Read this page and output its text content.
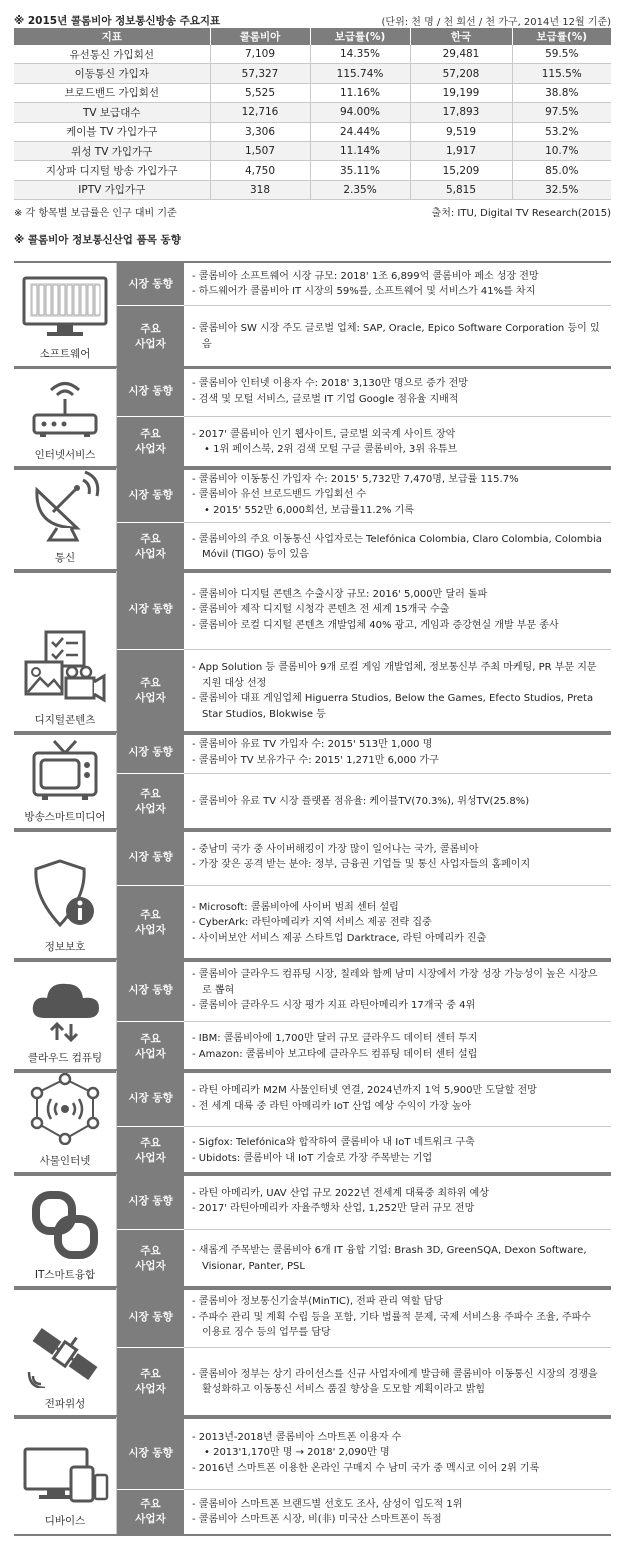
※ 2015년 콜롬비아 정보통신방송 주요지표	(단위: 천 명 / 천 회선 / 천 가구, 2014년 12월 기준)
지표	콜롬비아	보급률(%)	한국	보급률(%)
유선통신 가입회선	7,109	14.35%	29,481	59.5%
이동통신 가입자	57,327	115.74%	57,208	115.5%
브로드밴드 가입회선	5,525	11.16%	19,199	38.8%
TV 보급대수	12,716	94.00%	17,893	97.5%
케이블 TV 가입가구	3,306	24.44%	9,519	53.2%
위성 TV 가입가구	1,507	11.14%	1,917	10.7%
지상파 디지털 방송 가입가구	4,750	35.11%	15,209	85.0%
IPTV 가입가구	318	2.35%	5,815	32.5%
※ 각 항목별 보급률은 인구 대비 기준	출처: ITU, Digital TV Research(2015)
※ 콜롬비아 정보통신산업 품목 동향
소프트웨어
시장 동향
- 콜롬비아 소프트웨어 시장 규모: 2018' 1조 6,899억 콜롬비아 페소 성장 전망
- 하드웨어가 콜롬비아 IT 시장의 59%를, 소프트웨어 및 서비스가 41%를 차지
주요
사업자
- 콜롬비아 SW 시장 주도 글로벌 업체: SAP, Oracle, Epico Software Corporation 등이 있음
인터넷서비스
시장 동향
- 콜롬비아 인터넷 이용자 수: 2018' 3,130만 명으로 증가 전망
- 검색 및 모털 서비스, 글로벌 IT 기업 Google 점유율 지배적
주요
사업자
- 2017' 콜롬비아 인기 웹사이트, 글로벌 외국계 사이트 장악
• 1위 페이스북, 2위 검색 모털 구글 콜롬비아, 3위 유튜브
통신
시장 동향
- 콜롬비아 이동통신 가입자 수: 2015' 5,732만 7,470명, 보급률 115.7%
- 콜롬비아 유선 브로드밴드 가입회선 수
• 2015' 552만 6,000회선, 보급률11.2% 기록
주요
사업자
- 콜롬비아의 주요 이동통신 사업자로는 Telefónica Colombia, Claro Colombia, Colombia Móvil (TIGO) 등이 있음
디지털콘텐츠
시장 동향
- 콜롬비아 디지털 콘텐츠 수출시장 규모: 2016' 5,000만 달러 돌파
- 콜롬비아 제작 디지털 시청각 콘텐츠 전 세계 15개국 수출
- 콜롬비아 로컬 디지털 콘텐츠 개발업체 40% 광고, 게임과 증강현실 개발 부문 종사
주요
사업자
- App Solution 등 콜롬비아 9개 로컬 게임 개발업체, 정보통신부 주최 마케팅, PR 부문 지문 지원 대상 선정
- 콜롬비아 대표 게임업체 Higuerra Studios, Below the Games, Efecto Studios, Preta Star Studios, Blokwise 등
방송스마트미디어
시장 동향
- 콜롬비아 유료 TV 가입자 수: 2015' 513만 1,000 명
- 콜롬비아 TV 보유가구 수: 2015' 1,271만 6,000 가구
주요
사업자
- 콜롬비아 유료 TV 시장 플랫폼 점유율: 케이블TV(70.3%), 위성TV(25.8%)
정보보호
시장 동향
- 중남미 국가 중 사이버해킹이 가장 많이 일어나는 국가, 콜롬비아
- 가장 잦은 공격 받는 분야: 정부, 금융권 기업들 및 통신 사업자들의 홈페이지
주요
사업자
- Microsoft: 콜롬비아에 사이버 범죄 센터 설립
- CyberArk: 라틴아메리카 지역 서비스 제공 전략 집중
- 사이버보안 서비스 제공 스타트업 Darktrace, 라틴 아메리카 진출
클라우드 컴퓨팅
시장 동향
- 콜롬비아 클라우드 컴퓨팅 시장, 칠레와 함께 남미 시장에서 가장 성장 가능성이 높은 시장으로 뽑혀
- 콜롬비아 클라우드 시장 평가 지표 라틴아메리카 17개국 중 4위
주요
사업자
- IBM: 콜롬비아에 1,700만 달러 규모 클라우드 데이터 센터 투지
- Amazon: 콜롬비아 보고타에 클라우드 컴퓨팅 데이터 센터 설립
사물인터넷
시장 동향
- 라틴 아메리카 M2M 사물인터넷 연결, 2024년까지 1억 5,900만 도달할 전망
- 전 세계 대륙 중 라틴 아메리카 IoT 산업 예상 수익이 가장 높아
주요
사업자
- Sigfox: Telefónica와 합작하여 콜롬비아 내 IoT 네트워크 구축
- Ubidots: 콜롬비아 내 IoT 기술로 가장 주목받는 기업
IT스마트융합
시장 동향
- 라틴 아메리카, UAV 산업 규모 2022년 전세계 대륙중 최하위 예상
- 2017' 라틴아메리카 자율주행차 산업, 1,252만 달러 규모 전망
주요
사업자
- 새롭게 주목받는 콜롬비아 6개 IT 융합 기업: Brash 3D, GreenSQA, Dexon Software, Visionar, Panter, PSL
전파위성
시장 동향
- 콜롬비아 정보통신기술부(MinTIC), 전파 관리 역할 담당
- 주파수 관리 및 계획 수립 등을 포함, 기타 법률적 문제, 국제 서비스용 주파수 조율, 주파수 이용료 징수 등의 업무를 담당
주요
사업자
- 콜롬비아 정부는 상기 라이선스를 신규 사업자에게 발급해 콜롬비아 이동통신 시장의 경쟁을 활성화하고 이동통신 서비스 품질 향상을 도모할 계획이라고 밝힘
디바이스
시장 동향
- 2013년-2018년 콜롬비아 스마트폰 이용자 수
• 2013'1,170만 명 → 2018' 2,090만 명
- 2016년 스마트폰 이용한 온라인 구매지 수 남미 국가 중 멕시코 이어 2위 기록
주요
사업자
- 콜롬비아 스마트폰 브랜드별 선호도 조사, 삼성이 입도적 1위
- 콜롬비아 스마트폰 시장, 비(非) 미국산 스마트폰이 독점
